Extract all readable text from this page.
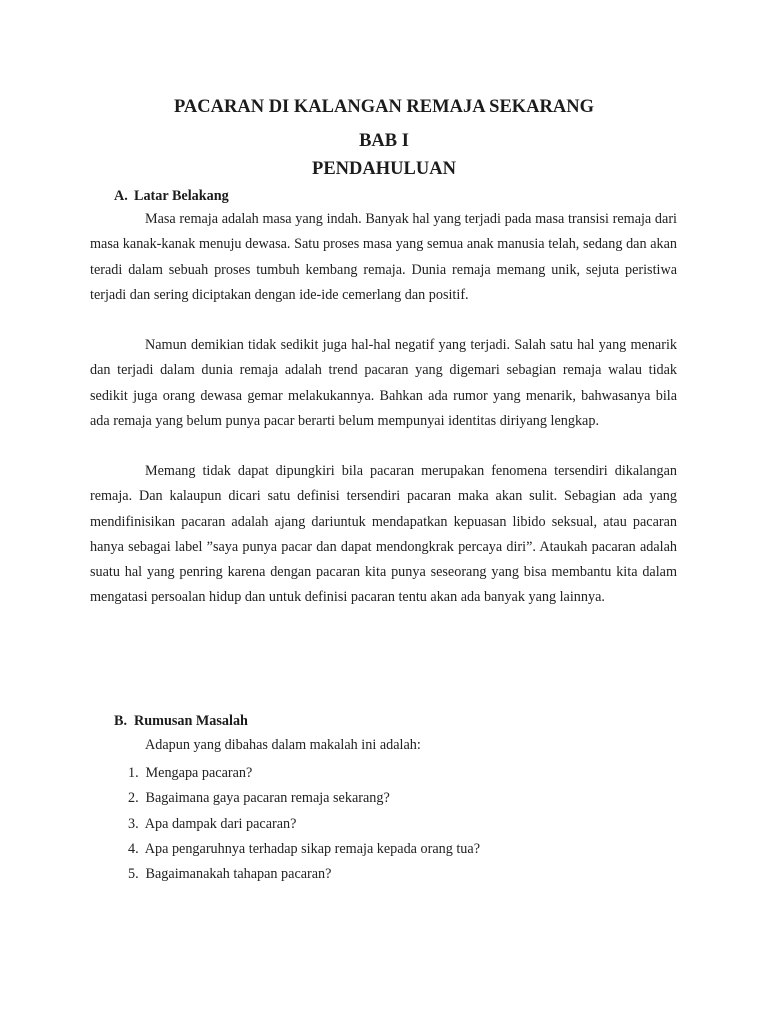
PACARAN DI KALANGAN REMAJA SEKARANG
BAB I
PENDAHULUAN
A. Latar Belakang

Masa remaja adalah masa yang indah. Banyak hal yang terjadi pada masa transisi remaja dari masa kanak-kanak menuju dewasa. Satu proses masa yang semua anak manusia telah, sedang dan akan teradi dalam sebuah proses tumbuh kembang remaja. Dunia remaja memang unik, sejuta peristiwa terjadi dan sering diciptakan dengan ide-ide cemerlang dan positif.

Namun demikian tidak sedikit juga hal-hal negatif yang terjadi. Salah satu hal yang menarik dan terjadi dalam dunia remaja adalah trend pacaran yang digemari sebagian remaja walau tidak sedikit juga orang dewasa gemar melakukannya. Bahkan ada rumor yang menarik, bahwasanya bila ada remaja yang belum punya pacar berarti belum mempunyai identitas diriyang lengkap.

Memang tidak dapat dipungkiri bila pacaran merupakan fenomena tersendiri dikalangan remaja. Dan kalaupun dicari satu definisi tersendiri pacaran maka akan sulit. Sebagian ada yang mendifinisikan pacaran adalah ajang dariuntuk mendapatkan kepuasan libido seksual, atau pacaran hanya sebagai label ”saya punya pacar dan dapat mendongkrak percaya diri”. Ataukah pacaran adalah suatu hal yang penring karena dengan pacaran kita punya seseorang yang bisa membantu kita dalam mengatasi persoalan hidup dan untuk definisi pacaran tentu akan ada banyak yang lainnya.

B. Rumusan Masalah

Adapun yang dibahas dalam makalah ini adalah:

1. Mengapa pacaran?
2. Bagaimana gaya pacaran remaja sekarang?
3. Apa dampak dari pacaran?
4. Apa pengaruhnya terhadap sikap remaja kepada orang tua?
5. Bagaimanakah tahapan pacaran?
